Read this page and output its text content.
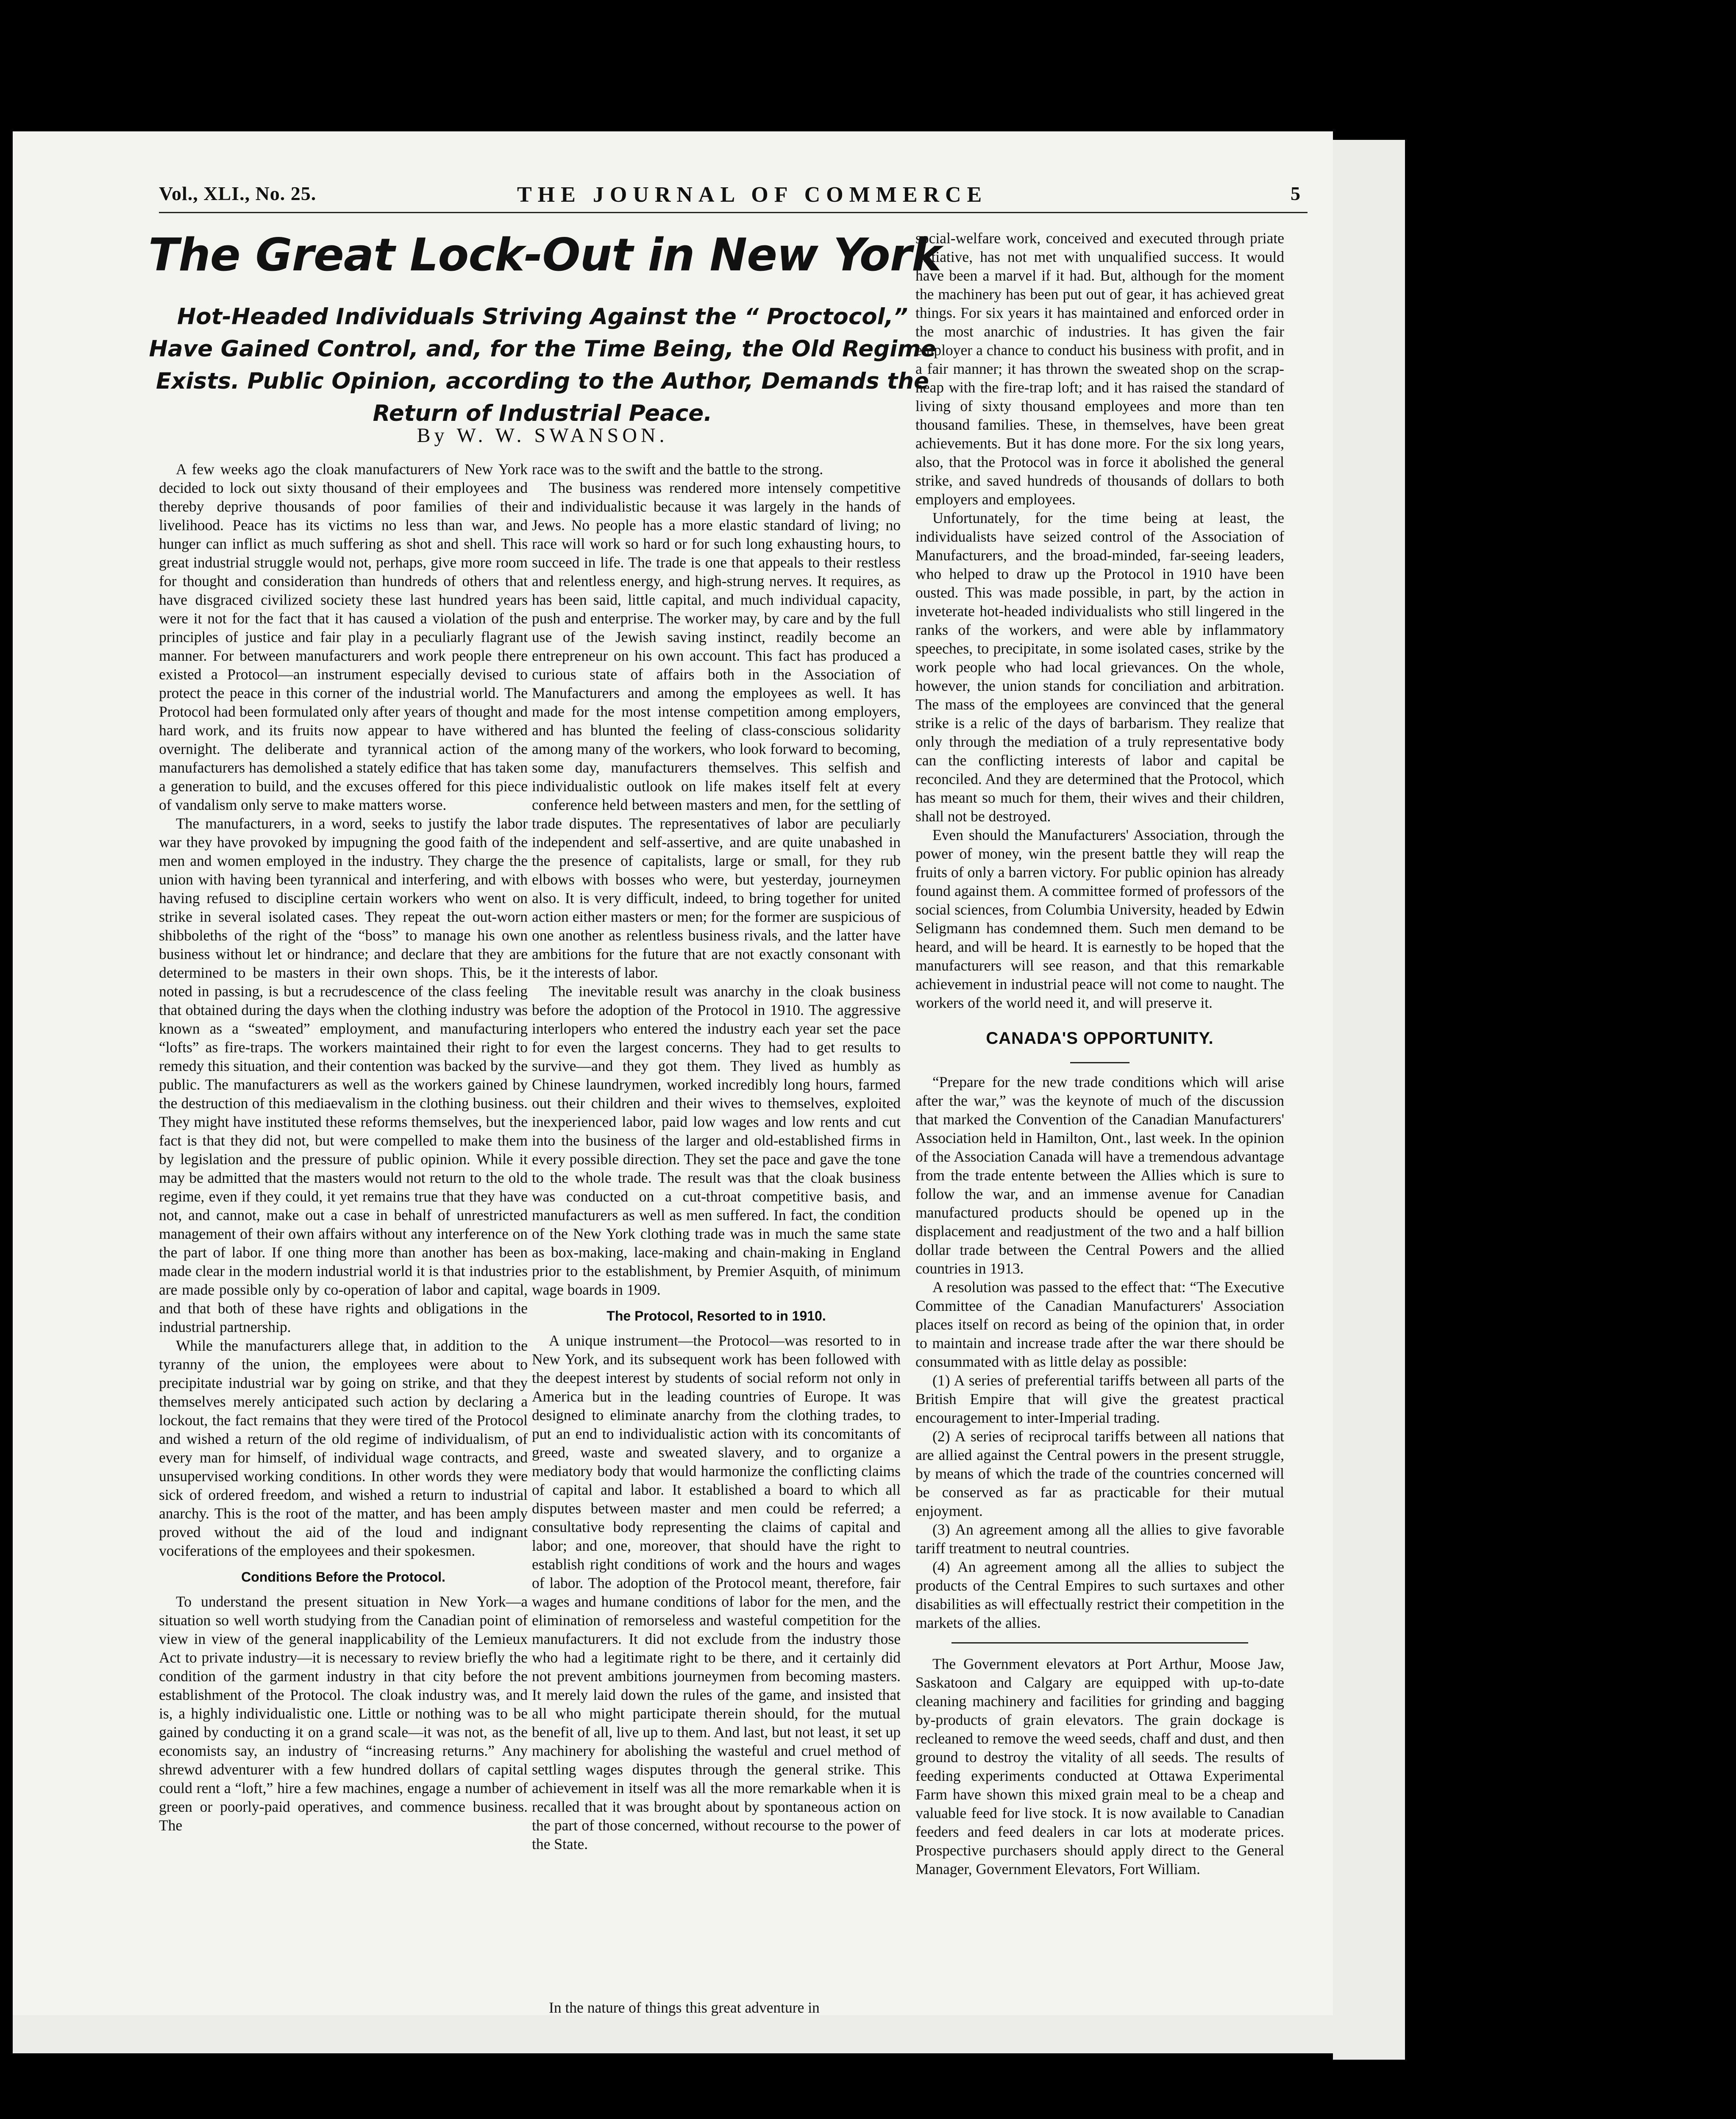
Vol., XLI., No. 25.	THE JOURNAL OF COMMERCE	5
The Great Lock-Out in New York
Hot-Headed Individuals Striving Against the “ Proctocol,” Have Gained Control, and, for the Time Being, the Old Regime Exists. Public Opinion, according to the Author, Demands the Return of Industrial Peace.
By W. W. SWANSON.

A few weeks ago the cloak manufacturers of New York decided to lock out sixty thousand of their employees and thereby deprive thousands of poor families of their livelihood. Peace has its victims no less than war, and hunger can inflict as much suffering as shot and shell. This great industrial struggle would not, perhaps, give more room for thought and consideration than hundreds of others that have disgraced civilized society these last hundred years were it not for the fact that it has caused a violation of the principles of justice and fair play in a peculiarly flagrant manner. For between manufacturers and work people there existed a Protocol—an instrument especially devised to protect the peace in this corner of the industrial world. The Protocol had been formulated only after years of thought and hard work, and its fruits now appear to have withered overnight. The deliberate and tyrannical action of the manufacturers has demolished a stately edifice that has taken a generation to build, and the excuses offered for this piece of vandalism only serve to make matters worse.

The manufacturers, in a word, seeks to justify the labor war they have provoked by impugning the good faith of the men and women employed in the industry. They charge the union with having been tyrannical and interfering, and with having refused to discipline certain workers who went on strike in several isolated cases. They repeat the out-worn shibboleths of the right of the “boss” to manage his own business without let or hindrance; and declare that they are determined to be masters in their own shops. This, be it noted in passing, is but a recrudescence of the class feeling that obtained during the days when the clothing industry was known as a “sweated” employment, and manufacturing “lofts” as fire-traps. The workers maintained their right to remedy this situation, and their contention was backed by the public. The manufacturers as well as the workers gained by the destruction of this mediaevalism in the clothing business. They might have instituted these reforms themselves, but the fact is that they did not, but were compelled to make them by legislation and the pressure of public opinion. While it may be admitted that the masters would not return to the old regime, even if they could, it yet remains true that they have not, and cannot, make out a case in behalf of unrestricted management of their own affairs without any interference on the part of labor. If one thing more than another has been made clear in the modern industrial world it is that industries are made possible only by co-operation of labor and capital, and that both of these have rights and obligations in the industrial partnership.

While the manufacturers allege that, in addition to the tyranny of the union, the employees were about to precipitate industrial war by going on strike, and that they themselves merely anticipated such action by declaring a lockout, the fact remains that they were tired of the Protocol and wished a return of the old regime of individualism, of every man for himself, of individual wage contracts, and unsupervised working conditions. In other words they were sick of ordered freedom, and wished a return to industrial anarchy. This is the root of the matter, and has been amply proved without the aid of the loud and indignant vociferations of the employees and their spokesmen.

Conditions Before the Protocol.

To understand the present situation in New York—a situation so well worth studying from the Canadian point of view in view of the general inapplicability of the Lemieux Act to private industry—it is necessary to review briefly the condition of the garment industry in that city before the establishment of the Protocol. The cloak industry was, and is, a highly individualistic one. Little or nothing was to be gained by conducting it on a grand scale—it was not, as the economists say, an industry of “increasing returns.” Any shrewd adventurer with a few hundred dollars of capital could rent a “loft,” hire a few machines, engage a number of green or poorly-paid operatives, and commence business. The

race was to the swift and the battle to the strong.

The business was rendered more intensely competitive and individualistic because it was largely in the hands of Jews. No people has a more elastic standard of living; no race will work so hard or for such long exhausting hours, to succeed in life. The trade is one that appeals to their restless and relentless energy, and high-strung nerves. It requires, as has been said, little capital, and much individual capacity, push and enterprise. The worker may, by care and by the full use of the Jewish saving instinct, readily become an entrepreneur on his own account. This fact has produced a curious state of affairs both in the Association of Manufacturers and among the employees as well. It has made for the most intense competition among employers, and has blunted the feeling of class-conscious solidarity among many of the workers, who look forward to becoming, some day, manufacturers themselves. This selfish and individualistic outlook on life makes itself felt at every conference held between masters and men, for the settling of trade disputes. The representatives of labor are peculiarly independent and self-assertive, and are quite unabashed in the presence of capitalists, large or small, for they rub elbows with bosses who were, but yesterday, journeymen also. It is very difficult, indeed, to bring together for united action either masters or men; for the former are suspicious of one another as relentless business rivals, and the latter have ambitions for the future that are not exactly consonant with the interests of labor.

The inevitable result was anarchy in the cloak business before the adoption of the Protocol in 1910. The aggressive interlopers who entered the industry each year set the pace for even the largest concerns. They had to get results to survive—and they got them. They lived as humbly as Chinese laundrymen, worked incredibly long hours, farmed out their children and their wives to themselves, exploited inexperienced labor, paid low wages and low rents and cut into the business of the larger and old-established firms in every possible direction. They set the pace and gave the tone to the whole trade. The result was that the cloak business was conducted on a cut-throat competitive basis, and manufacturers as well as men suffered. In fact, the condition of the New York clothing trade was in much the same state as box-making, lace-making and chain-making in England prior to the establishment, by Premier Asquith, of minimum wage boards in 1909.

The Protocol, Resorted to in 1910.

A unique instrument—the Protocol—was resorted to in New York, and its subsequent work has been followed with the deepest interest by students of social reform not only in America but in the leading countries of Europe. It was designed to eliminate anarchy from the clothing trades, to put an end to individualistic action with its concomitants of greed, waste and sweated slavery, and to organize a mediatory body that would harmonize the conflicting claims of capital and labor. It established a board to which all disputes between master and men could be referred; a consultative body representing the claims of capital and labor; and one, moreover, that should have the right to establish right conditions of work and the hours and wages of labor. The adoption of the Protocol meant, therefore, fair wages and humane conditions of labor for the men, and the elimination of remorseless and wasteful competition for the manufacturers. It did not exclude from the industry those who had a legitimate right to be there, and it certainly did not prevent ambitions journeymen from becoming masters. It merely laid down the rules of the game, and insisted that all who might participate therein should, for the mutual benefit of all, live up to them. And last, but not least, it set up machinery for abolishing the wasteful and cruel method of settling wages disputes through the general strike. This achievement in itself was all the more remarkable when it is recalled that it was brought about by spontaneous action on the part of those concerned, without recourse to the power of the State.

In the nature of things this great adventure in

social-welfare work, conceived and executed through priate initiative, has not met with unqualified success. It would have been a marvel if it had. But, although for the moment the machinery has been put out of gear, it has achieved great things. For six years it has maintained and enforced order in the most anarchic of industries. It has given the fair employer a chance to conduct his business with profit, and in a fair manner; it has thrown the sweated shop on the scrap-heap with the fire-trap loft; and it has raised the standard of living of sixty thousand employees and more than ten thousand families. These, in themselves, have been great achievements. But it has done more. For the six long years, also, that the Protocol was in force it abolished the general strike, and saved hundreds of thousands of dollars to both employers and employees.

Unfortunately, for the time being at least, the individualists have seized control of the Association of Manufacturers, and the broad-minded, far-seeing leaders, who helped to draw up the Protocol in 1910 have been ousted. This was made possible, in part, by the action in inveterate hot-headed individualists who still lingered in the ranks of the workers, and were able by inflammatory speeches, to precipitate, in some isolated cases, strike by the work people who had local grievances. On the whole, however, the union stands for conciliation and arbitration. The mass of the employees are convinced that the general strike is a relic of the days of barbarism. They realize that only through the mediation of a truly representative body can the conflicting interests of labor and capital be reconciled. And they are determined that the Protocol, which has meant so much for them, their wives and their children, shall not be destroyed.

Even should the Manufacturers' Association, through the power of money, win the present battle they will reap the fruits of only a barren victory. For public opinion has already found against them. A committee formed of professors of the social sciences, from Columbia University, headed by Edwin Seligmann has condemned them. Such men demand to be heard, and will be heard. It is earnestly to be hoped that the manufacturers will see reason, and that this remarkable achievement in industrial peace will not come to naught. The workers of the world need it, and will preserve it.

CANADA'S OPPORTUNITY.

“Prepare for the new trade conditions which will arise after the war,” was the keynote of much of the discussion that marked the Convention of the Canadian Manufacturers' Association held in Hamilton, Ont., last week. In the opinion of the Association Canada will have a tremendous advantage from the trade entente between the Allies which is sure to follow the war, and an immense avenue for Canadian manufactured products should be opened up in the displacement and readjustment of the two and a half billion dollar trade between the Central Powers and the allied countries in 1913.

A resolution was passed to the effect that: “The Executive Committee of the Canadian Manufacturers' Association places itself on record as being of the opinion that, in order to maintain and increase trade after the war there should be consummated with as little delay as possible:

(1) A series of preferential tariffs between all parts of the British Empire that will give the greatest practical encouragement to inter-Imperial trading.

(2) A series of reciprocal tariffs between all nations that are allied against the Central powers in the present struggle, by means of which the trade of the countries concerned will be conserved as far as practicable for their mutual enjoyment.

(3) An agreement among all the allies to give favorable tariff treatment to neutral countries.

(4) An agreement among all the allies to subject the products of the Central Empires to such surtaxes and other disabilities as will effectually restrict their competition in the markets of the allies.

The Government elevators at Port Arthur, Moose Jaw, Saskatoon and Calgary are equipped with up-to-date cleaning machinery and facilities for grinding and bagging by-products of grain elevators. The grain dockage is recleaned to remove the weed seeds, chaff and dust, and then ground to destroy the vitality of all seeds. The results of feeding experiments conducted at Ottawa Experimental Farm have shown this mixed grain meal to be a cheap and valuable feed for live stock. It is now available to Canadian feeders and feed dealers in car lots at moderate prices. Prospective purchasers should apply direct to the General Manager, Government Elevators, Fort William.
